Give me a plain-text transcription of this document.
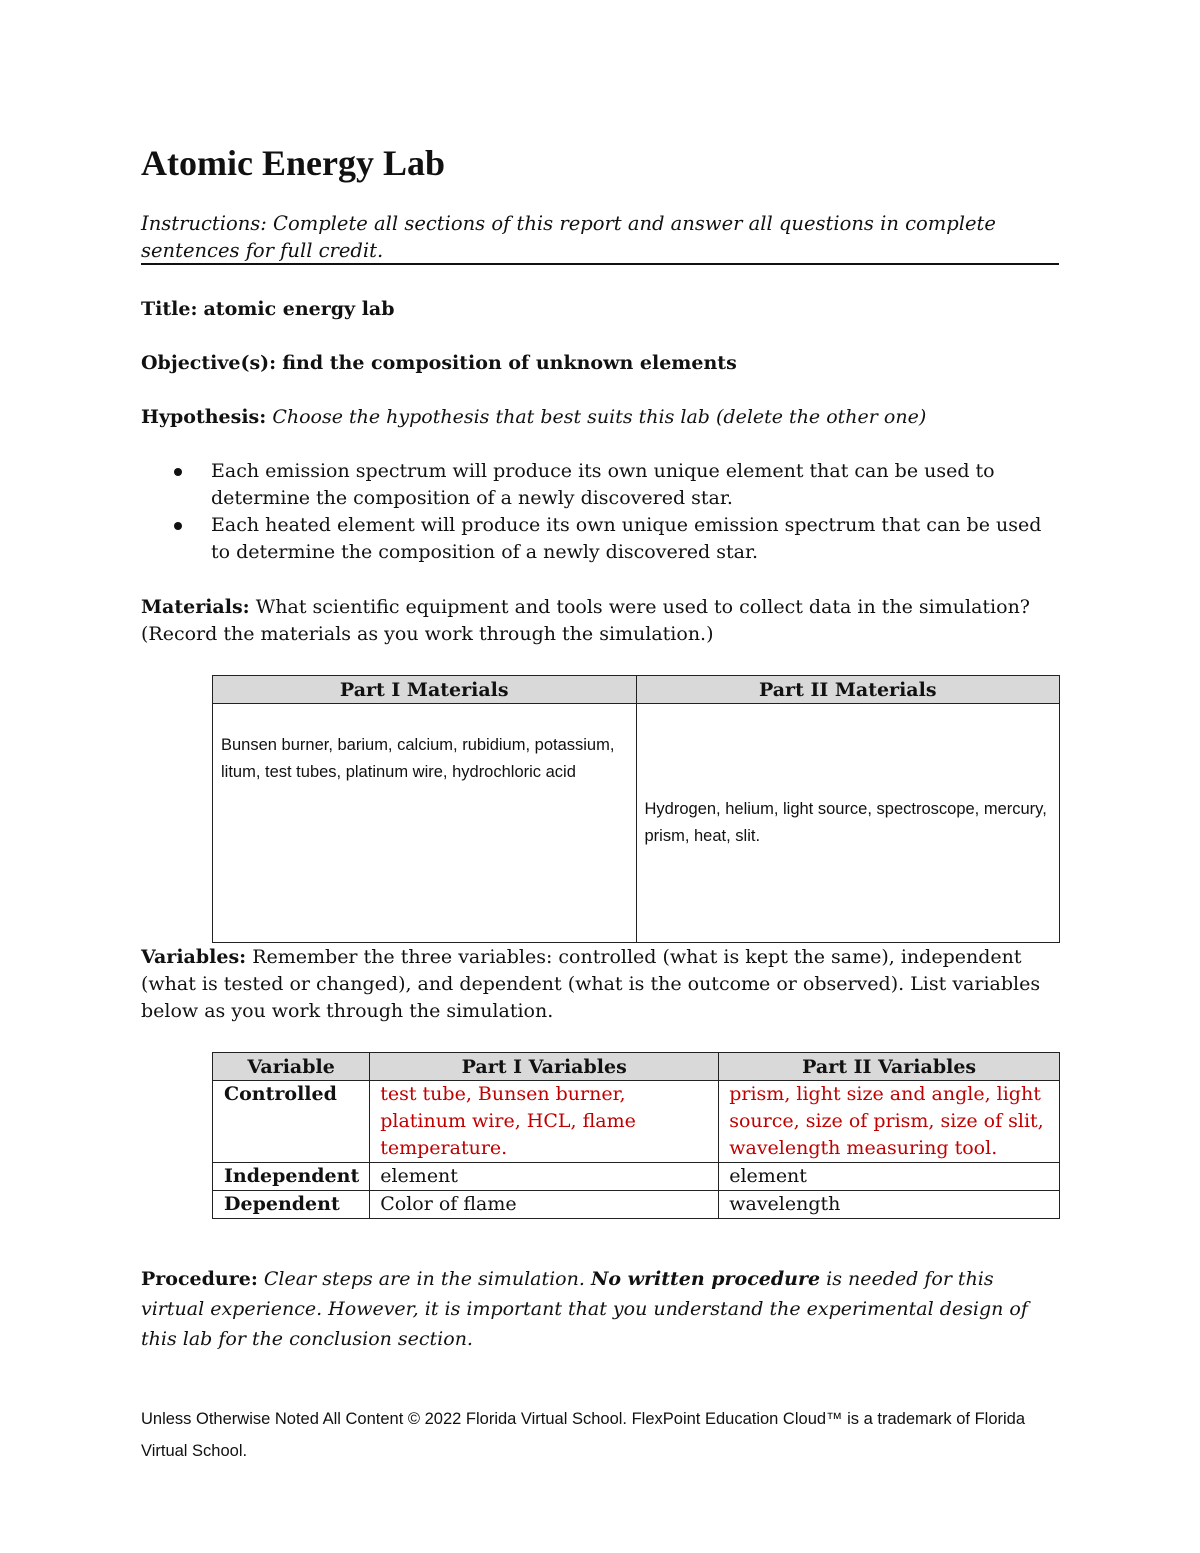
Atomic Energy Lab
Instructions: Complete all sections of this report and answer all questions in complete sentences for full credit.
Title: atomic energy lab
Objective(s): find the composition of unknown elements
Hypothesis: Choose the hypothesis that best suits this lab (delete the other one)
Each emission spectrum will produce its own unique element that can be used to determine the composition of a newly discovered star.
Each heated element will produce its own unique emission spectrum that can be used to determine the composition of a newly discovered star.
Materials: What scientific equipment and tools were used to collect data in the simulation? (Record the materials as you work through the simulation.)
Part I Materials	Part II Materials
Bunsen burner, barium, calcium, rubidium, potassium, litum, test tubes, platinum wire, hydrochloric acid	Hydrogen, helium, light source, spectroscope, mercury, prism, heat, slit.
Variables: Remember the three variables: controlled (what is kept the same), independent (what is tested or changed), and dependent (what is the outcome or observed). List variables below as you work through the simulation.
Variable	Part I Variables	Part II Variables
Controlled	test tube, Bunsen burner, platinum wire, HCL, flame temperature.	prism, light size and angle, light source, size of prism, size of slit, wavelength measuring tool.
Independent	element	element
Dependent	Color of flame	wavelength
Procedure: Clear steps are in the simulation. No written procedure is needed for this virtual experience. However, it is important that you understand the experimental design of this lab for the conclusion section.
Unless Otherwise Noted All Content © 2022 Florida Virtual School. FlexPoint Education Cloud™ is a trademark of Florida Virtual School.
